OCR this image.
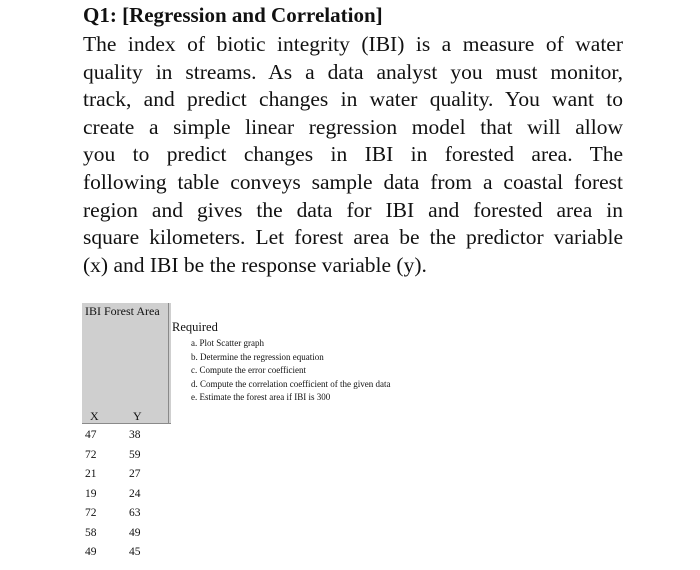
Q1: [Regression and Correlation]
The index of biotic integrity (IBI) is a measure of water
quality in streams. As a data analyst you must monitor,
track, and predict changes in water quality. You want to
create a simple linear regression model that will allow
you to predict changes in IBI in forested area. The
following table conveys sample data from a coastal forest
region and gives the data for IBI and forested area in
square kilometers. Let forest area be the predictor variable
(x) and IBI be the response variable (y).
IBI Forest Area
X	Y
47	38
72	59
21	27
19	24
72	63
58	49
49	45
Required
a. Plot Scatter graph
b. Determine the regression equation
c. Compute the error coefficient
d. Compute the correlation coefficient of the given data
e. Estimate the forest area if IBI is 300
